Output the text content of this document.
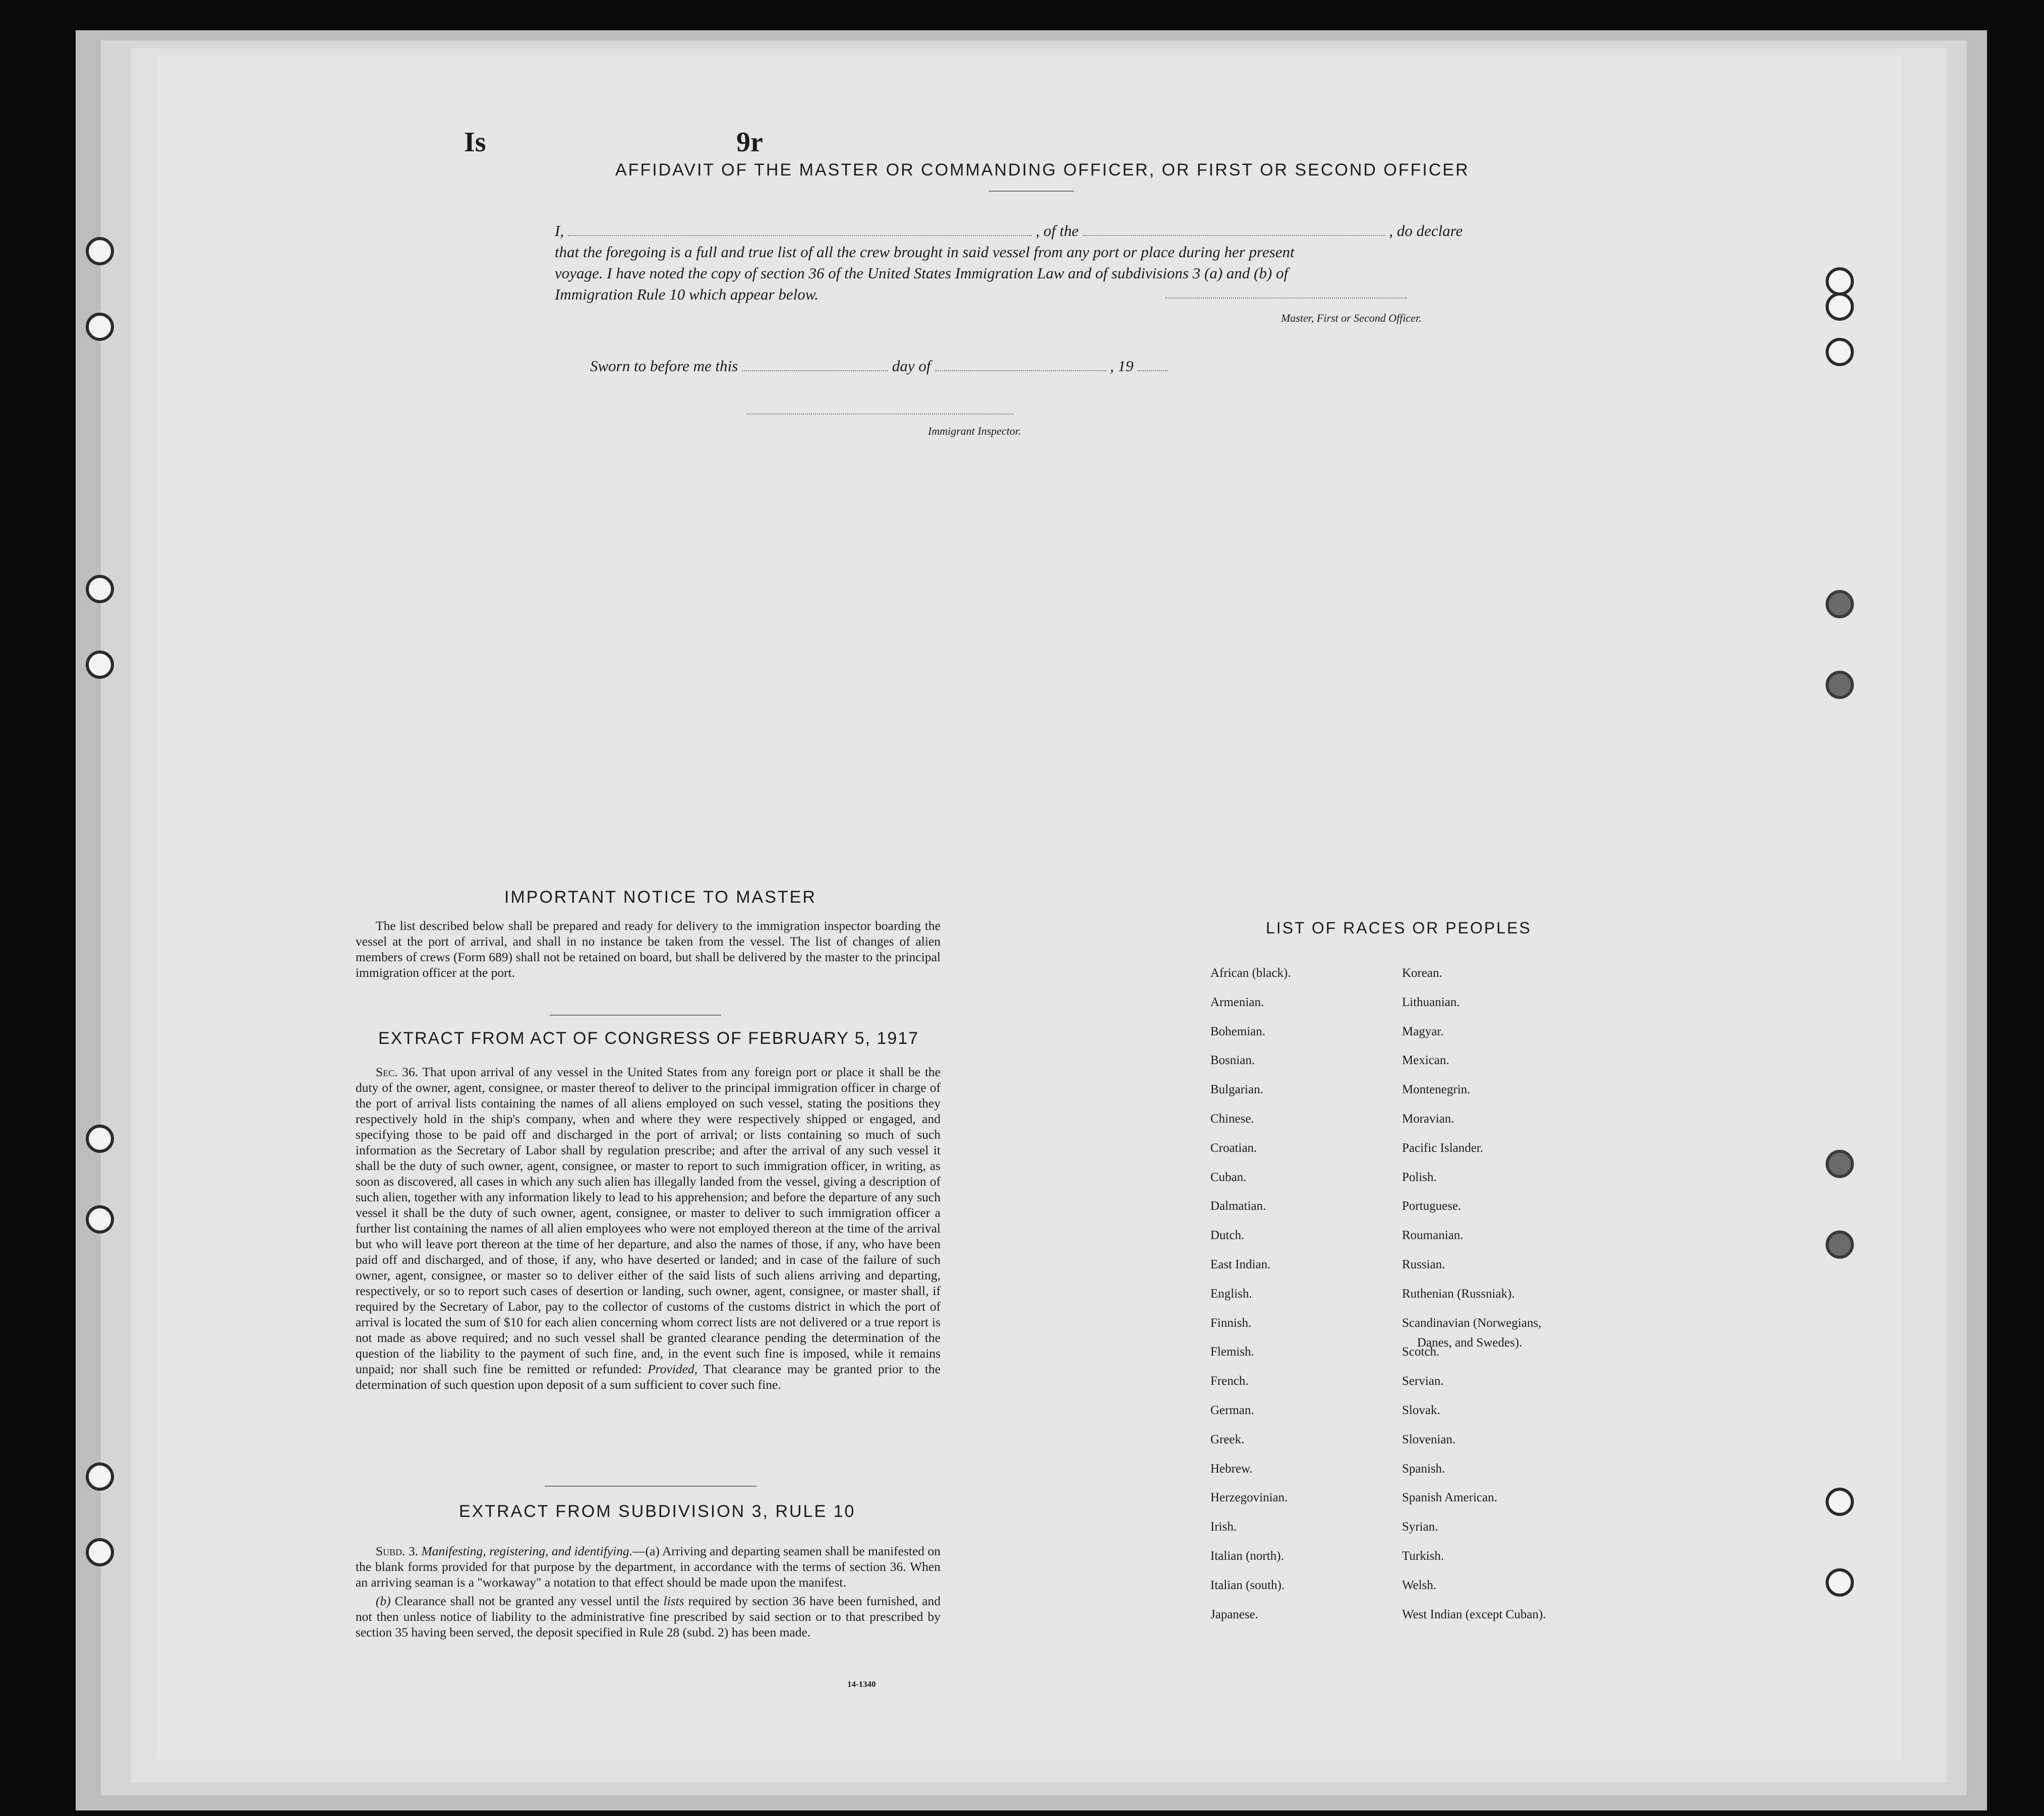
Is	9r
AFFIDAVIT OF THE MASTER OR COMMANDING OFFICER, OR FIRST OR SECOND OFFICER
I,	, of the	, do declare
that the foregoing is a full and true list of all the crew brought in said vessel from any port or place during her present
voyage. I have noted the copy of section 36 of the United States Immigration Law and of subdivisions 3 (a) and (b) of
Immigration Rule 10 which appear below.
Master, First or Second Officer.
Sworn to before me this	day of	, 19
Immigrant Inspector.
IMPORTANT NOTICE TO MASTER

The list described below shall be prepared and ready for delivery to the immigration inspector boarding the vessel at the port of arrival, and shall in no instance be taken from the vessel. The list of changes of alien members of crews (Form 689) shall not be retained on board, but shall be delivered by the master to the principal immigration officer at the port.

EXTRACT FROM ACT OF CONGRESS OF FEBRUARY 5, 1917

Sec. 36. That upon arrival of any vessel in the United States from any foreign port or place it shall be the duty of the owner, agent, consignee, or master thereof to deliver to the principal immigration officer in charge of the port of arrival lists containing the names of all aliens employed on such vessel, stating the positions they respectively hold in the ship's company, when and where they were respectively shipped or engaged, and specifying those to be paid off and discharged in the port of arrival; or lists containing so much of such information as the Secretary of Labor shall by regulation prescribe; and after the arrival of any such vessel it shall be the duty of such owner, agent, consignee, or master to report to such immigration officer, in writing, as soon as discovered, all cases in which any such alien has illegally landed from the vessel, giving a description of such alien, together with any information likely to lead to his apprehension; and before the departure of any such vessel it shall be the duty of such owner, agent, consignee, or master to deliver to such immigration officer a further list containing the names of all alien employees who were not employed thereon at the time of the arrival but who will leave port thereon at the time of her departure, and also the names of those, if any, who have been paid off and discharged, and of those, if any, who have deserted or landed; and in case of the failure of such owner, agent, consignee, or master so to deliver either of the said lists of such aliens arriving and departing, respectively, or so to report such cases of desertion or landing, such owner, agent, consignee, or master shall, if required by the Secretary of Labor, pay to the collector of customs of the customs district in which the port of arrival is located the sum of $10 for each alien concerning whom correct lists are not delivered or a true report is not made as above required; and no such vessel shall be granted clearance pending the determination of the question of the liability to the payment of such fine, and, in the event such fine is imposed, while it remains unpaid; nor shall such fine be remitted or refunded: Provided, That clearance may be granted prior to the determination of such question upon deposit of a sum sufficient to cover such fine.

EXTRACT FROM SUBDIVISION 3, RULE 10

Subd. 3. Manifesting, registering, and identifying.—(a) Arriving and departing seamen shall be manifested on the blank forms provided for that purpose by the department, in accordance with the terms of section 36. When an arriving seaman is a "workaway" a notation to that effect should be made upon the manifest.

(b) Clearance shall not be granted any vessel until the lists required by section 36 have been furnished, and not then unless notice of liability to the administrative fine prescribed by said section or to that prescribed by section 35 having been served, the deposit specified in Rule 28 (subd. 2) has been made.

14-1340
LIST OF RACES OR PEOPLES
Danes, and Swedes).
African (black).
Armenian.
Bohemian.
Bosnian.
Bulgarian.
Chinese.
Croatian.
Cuban.
Dalmatian.
Dutch.
East Indian.
English.
Finnish.
Flemish.
French.
German.
Greek.
Hebrew.
Herzegovinian.
Irish.
Italian (north).
Italian (south).
Japanese.
Korean.
Lithuanian.
Magyar.
Mexican.
Montenegrin.
Moravian.
Pacific Islander.
Polish.
Portuguese.
Roumanian.
Russian.
Ruthenian (Russniak).
Scandinavian (Norwegians,
Scotch.
Servian.
Slovak.
Slovenian.
Spanish.
Spanish American.
Syrian.
Turkish.
Welsh.
West Indian (except Cuban).
